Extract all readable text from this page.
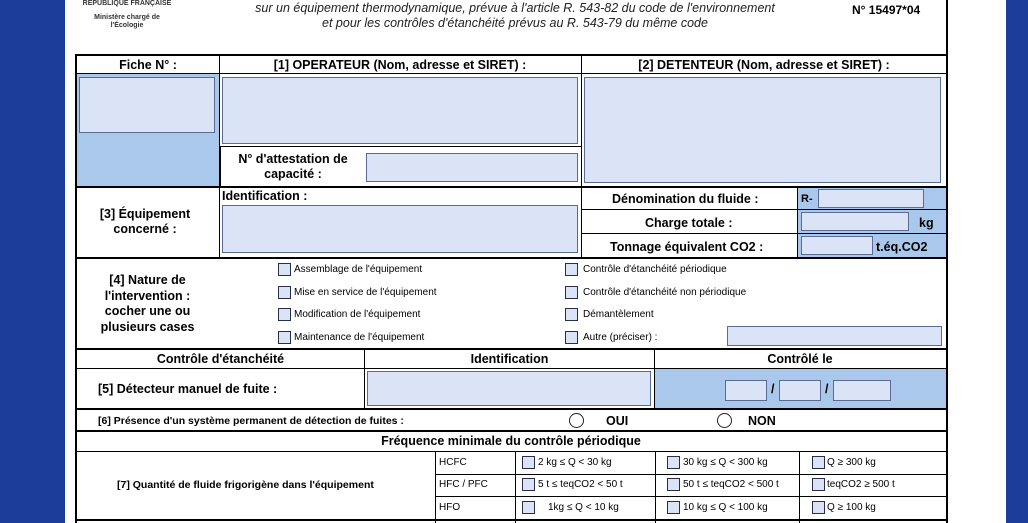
RÉPUBLIQUE FRANÇAISE
Ministère chargé de l'Écologie
sur un équipement thermodynamique, prévue à l'article R. 543-82 du code de l'environnement
et pour les contrôles d'étanchéité prévus au R. 543-79 du même code
N° 15497*04
Fiche N° :	[1] OPERATEUR (Nom, adresse et SIRET) :	[2] DETENTEUR (Nom, adresse et SIRET) :
N° d'attestation de capacité :
[3] Équipement concerné :
Identification :	Dénomination du fluide :
Charge totale :
Tonnage équivalent CO2 :
R-
kg
t.éq.CO2
[4] Nature de l'intervention : cocher une ou plusieurs cases
Assemblage de l'équipement
Mise en service de l'équipement
Modification de l'équipement
Maintenance de l'équipement
Contrôle d'étanchéité périodique
Contrôle d'étanchéité non périodique
Démantèlement
Autre (préciser) :
Contrôle d'étanchéité	Identification	Contrôlé le
[5] Détecteur manuel de fuite :	/	/
[6] Présence d'un système permanent de détection de fuites :	OUI	NON
Fréquence minimale du contrôle périodique
[7] Quantité de fluide frigorigène dans l'équipement
HCFC	2 kg ≤ Q < 30 kg	30 kg ≤ Q < 300 kg	Q ≥ 300 kg
HFC / PFC	5 t ≤ teqCO2 < 50 t	50 t ≤ teqCO2 < 500 t	teqCO2 ≥ 500 t
HFO	1kg ≤ Q < 10 kg	10 kg ≤ Q < 100 kg	Q ≥ 100 kg
